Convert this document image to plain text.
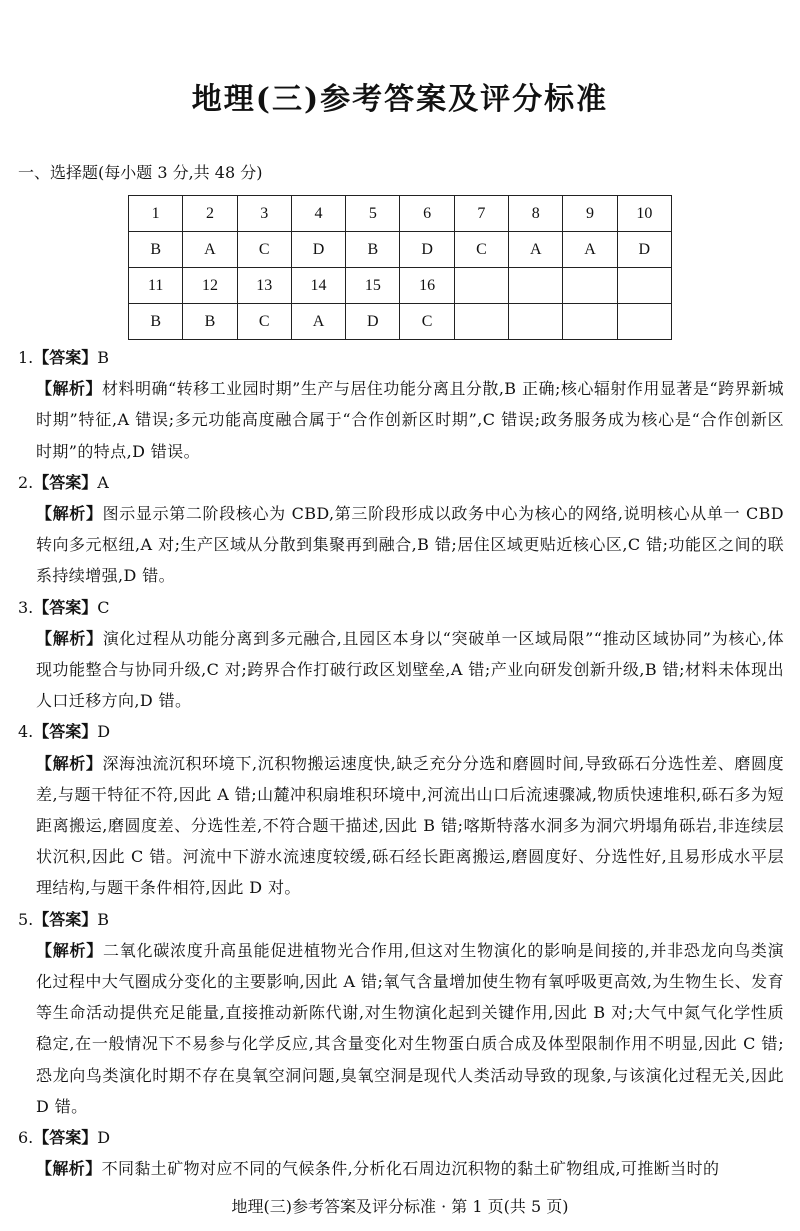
地理(三)参考答案及评分标准
一、选择题(每小题 3 分,共 48 分)
1	2	3	4	5	6	7	8	9	10
B	A	C	D	B	D	C	A	A	D
11	12	13	14	15	16				
B	B	C	A	D	C				

1.【答案】B

【解析】材料明确“转移工业园时期”生产与居住功能分离且分散,B 正确;核心辐射作用显著是“跨界新城时期”特征,A 错误;多元功能高度融合属于“合作创新区时期”,C 错误;政务服务成为核心是“合作创新区时期”的特点,D 错误。

2.【答案】A

【解析】图示显示第二阶段核心为 CBD,第三阶段形成以政务中心为核心的网络,说明核心从单一 CBD 转向多元枢纽,A 对;生产区域从分散到集聚再到融合,B 错;居住区域更贴近核心区,C 错;功能区之间的联系持续增强,D 错。

3.【答案】C

【解析】演化过程从功能分离到多元融合,且园区本身以“突破单一区域局限”“推动区域协同”为核心,体现功能整合与协同升级,C 对;跨界合作打破行政区划壁垒,A 错;产业向研发创新升级,B 错;材料未体现出人口迁移方向,D 错。

4.【答案】D

【解析】深海浊流沉积环境下,沉积物搬运速度快,缺乏充分分选和磨圆时间,导致砾石分选性差、磨圆度差,与题干特征不符,因此 A 错;山麓冲积扇堆积环境中,河流出山口后流速骤减,物质快速堆积,砾石多为短距离搬运,磨圆度差、分选性差,不符合题干描述,因此 B 错;喀斯特落水洞多为洞穴坍塌角砾岩,非连续层状沉积,因此 C 错。河流中下游水流速度较缓,砾石经长距离搬运,磨圆度好、分选性好,且易形成水平层理结构,与题干条件相符,因此 D 对。

5.【答案】B

【解析】二氧化碳浓度升高虽能促进植物光合作用,但这对生物演化的影响是间接的,并非恐龙向鸟类演化过程中大气圈成分变化的主要影响,因此 A 错;氧气含量增加使生物有氧呼吸更高效,为生物生长、发育等生命活动提供充足能量,直接推动新陈代谢,对生物演化起到关键作用,因此 B 对;大气中氮气化学性质稳定,在一般情况下不易参与化学反应,其含量变化对生物蛋白质合成及体型限制作用不明显,因此 C 错;恐龙向鸟类演化时期不存在臭氧空洞问题,臭氧空洞是现代人类活动导致的现象,与该演化过程无关,因此 D 错。

6.【答案】D

【解析】不同黏土矿物对应不同的气候条件,分析化石周边沉积物的黏土矿物组成,可推断当时的

地理(三)参考答案及评分标准 · 第 1 页(共 5 页)
